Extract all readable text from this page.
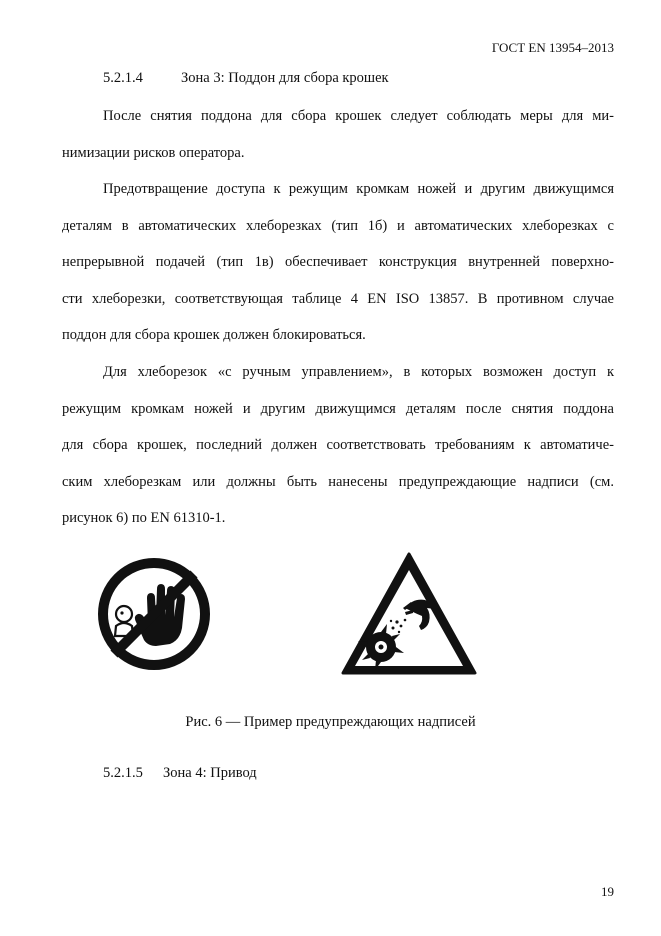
ГОСТ EN 13954–2013
5.2.1.4	Зона 3: Поддон для сбора крошек
После снятия поддона для сбора крошек следует соблюдать меры для ми-
нимизации рисков оператора.
Предотвращение доступа к режущим кромкам ножей и другим движущимся
деталям в автоматических хлеборезках (тип 1б) и автоматических хлеборезках с
непрерывной подачей (тип 1в) обеспечивает конструкция внутренней поверхно-
сти хлеборезки, соответствующая таблице 4 EN ISO 13857. В противном случае
поддон для сбора крошек должен блокироваться.
Для хлеборезок «с ручным управлением», в которых возможен доступ к
режущим кромкам ножей и другим движущимся деталям после снятия поддона
для сбора крошек, последний должен соответствовать требованиям к автоматиче-
ским хлеборезкам или должны быть нанесены предупреждающие надписи (см.
рисунок 6) по EN 61310-1.
Рис. 6 — Пример предупреждающих надписей
5.2.1.5 Зона 4: Привод
19
